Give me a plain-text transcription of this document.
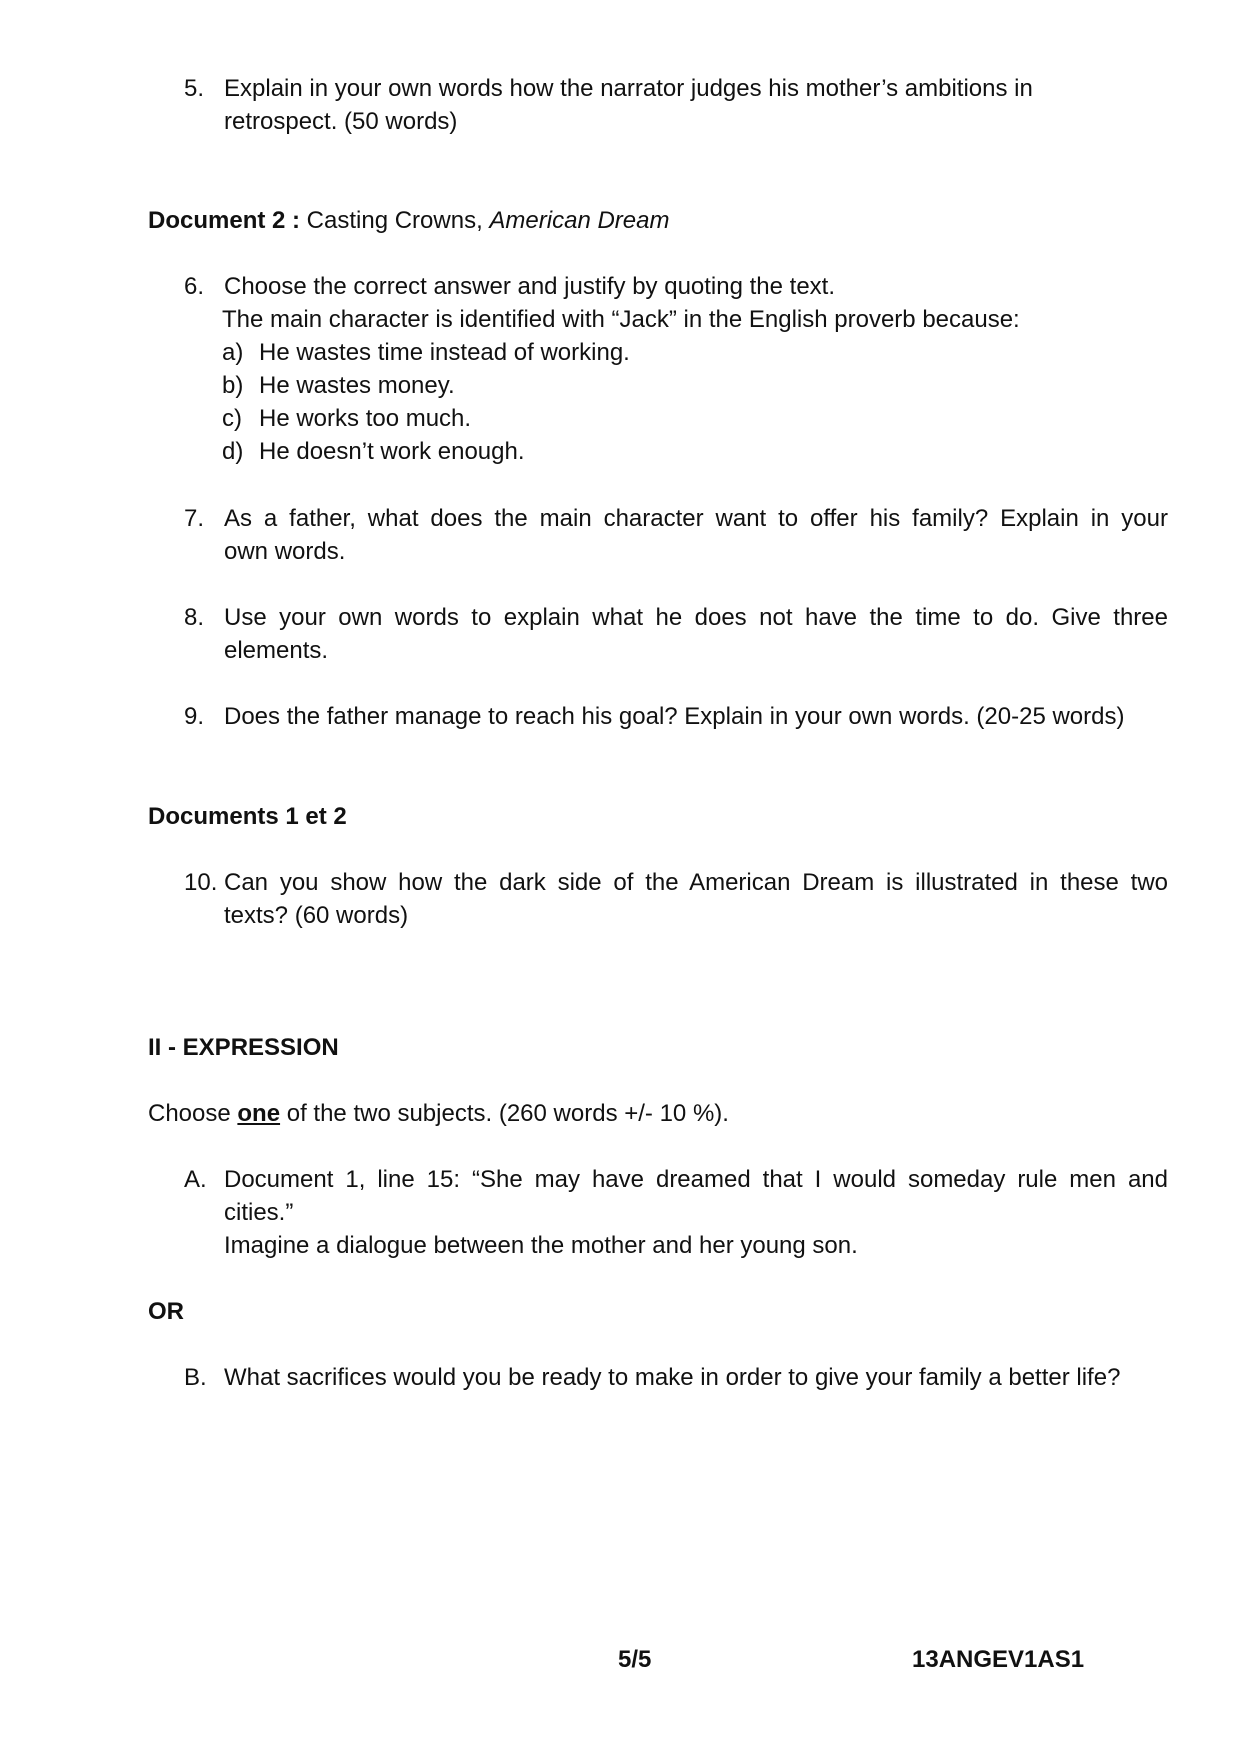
5. Explain in your own words how the narrator judges his mother’s ambitions in
retrospect. (50 words)
Document 2 : Casting Crowns, American Dream
6. Choose the correct answer and justify by quoting the text.
The main character is identified with “Jack” in the English proverb because:
a) He wastes time instead of working.
b) He wastes money.
c) He works too much.
d) He doesn’t work enough.
7. As a father, what does the main character want to offer his family? Explain in your
own words.
8. Use your own words to explain what he does not have the time to do. Give three
elements.
9. Does the father manage to reach his goal? Explain in your own words. (20-25 words)
Documents 1 et 2
10. Can you show how the dark side of the American Dream is illustrated in these two
texts? (60 words)
II - EXPRESSION
Choose one of the two subjects. (260 words +/- 10 %).
A. Document 1, line 15: “She may have dreamed that I would someday rule men and
cities.”
Imagine a dialogue between the mother and her young son.
OR
B. What sacrifices would you be ready to make in order to give your family a better life?
5/5	13ANGEV1AS1
